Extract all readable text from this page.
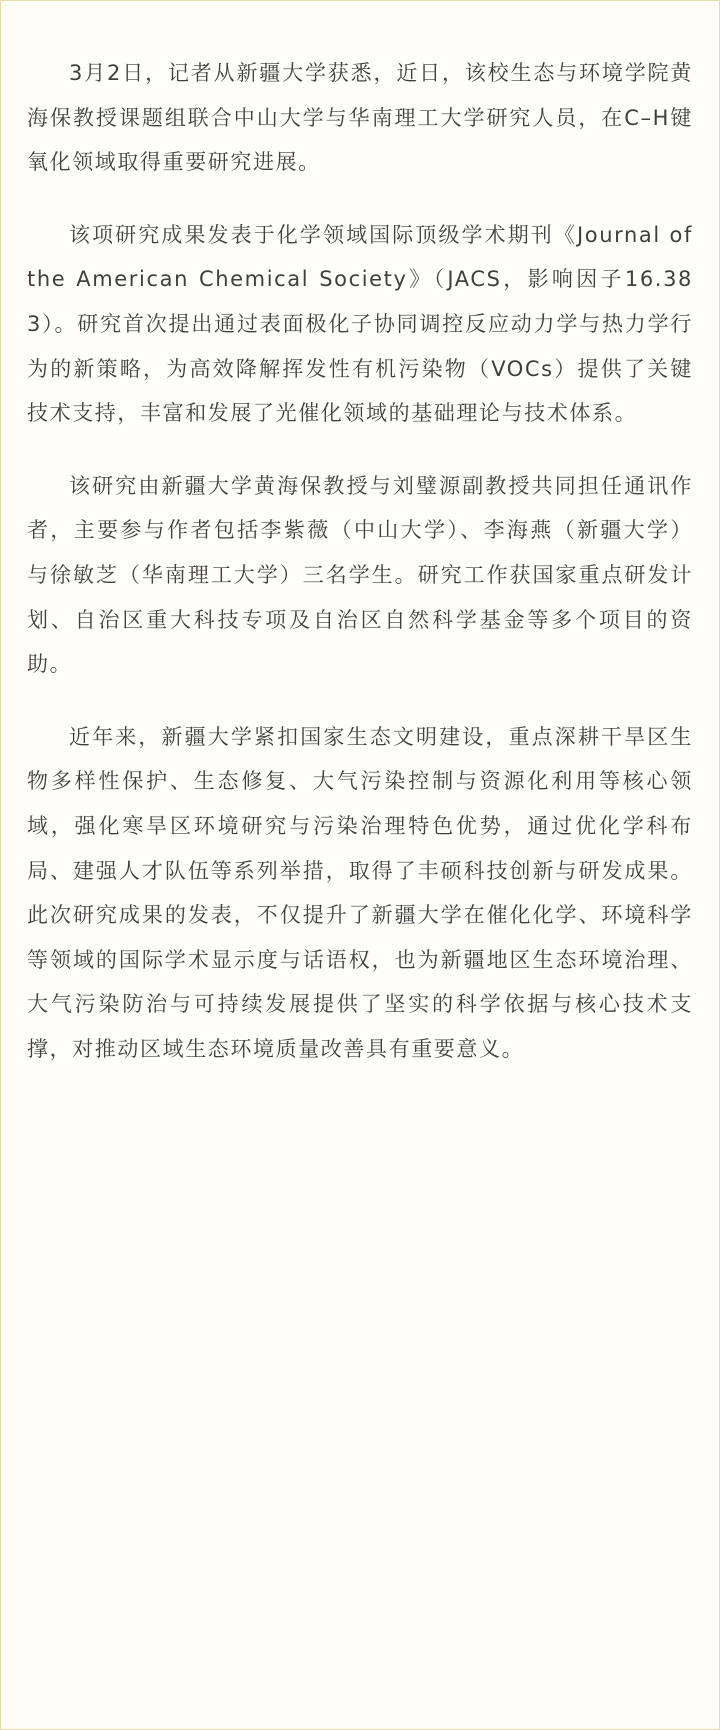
3月2日，记者从新疆大学获悉，近日，该校生态与环境学院黄海保教授课题组联合中山大学与华南理工大学研究人员，在C–H键氧化领域取得重要研究进展。

该项研究成果发表于化学领域国际顶级学术期刊《Journal of the American Chemical Society》（JACS，影响因子16.383）。研究首次提出通过表面极化子协同调控反应动力学与热力学行为的新策略，为高效降解挥发性有机污染物（VOCs）提供了关键技术支持，丰富和发展了光催化领域的基础理论与技术体系。

该研究由新疆大学黄海保教授与刘璧源副教授共同担任通讯作者，主要参与作者包括李紫薇（中山大学）、李海燕（新疆大学）与徐敏芝（华南理工大学）三名学生。研究工作获国家重点研发计划、自治区重大科技专项及自治区自然科学基金等多个项目的资助。

近年来，新疆大学紧扣国家生态文明建设，重点深耕干旱区生物多样性保护、生态修复、大气污染控制与资源化利用等核心领域，强化寒旱区环境研究与污染治理特色优势，通过优化学科布局、建强人才队伍等系列举措，取得了丰硕科技创新与研发成果。此次研究成果的发表，不仅提升了新疆大学在催化化学、环境科学等领域的国际学术显示度与话语权，也为新疆地区生态环境治理、大气污染防治与可持续发展提供了坚实的科学依据与核心技术支撑，对推动区域生态环境质量改善具有重要意义。
